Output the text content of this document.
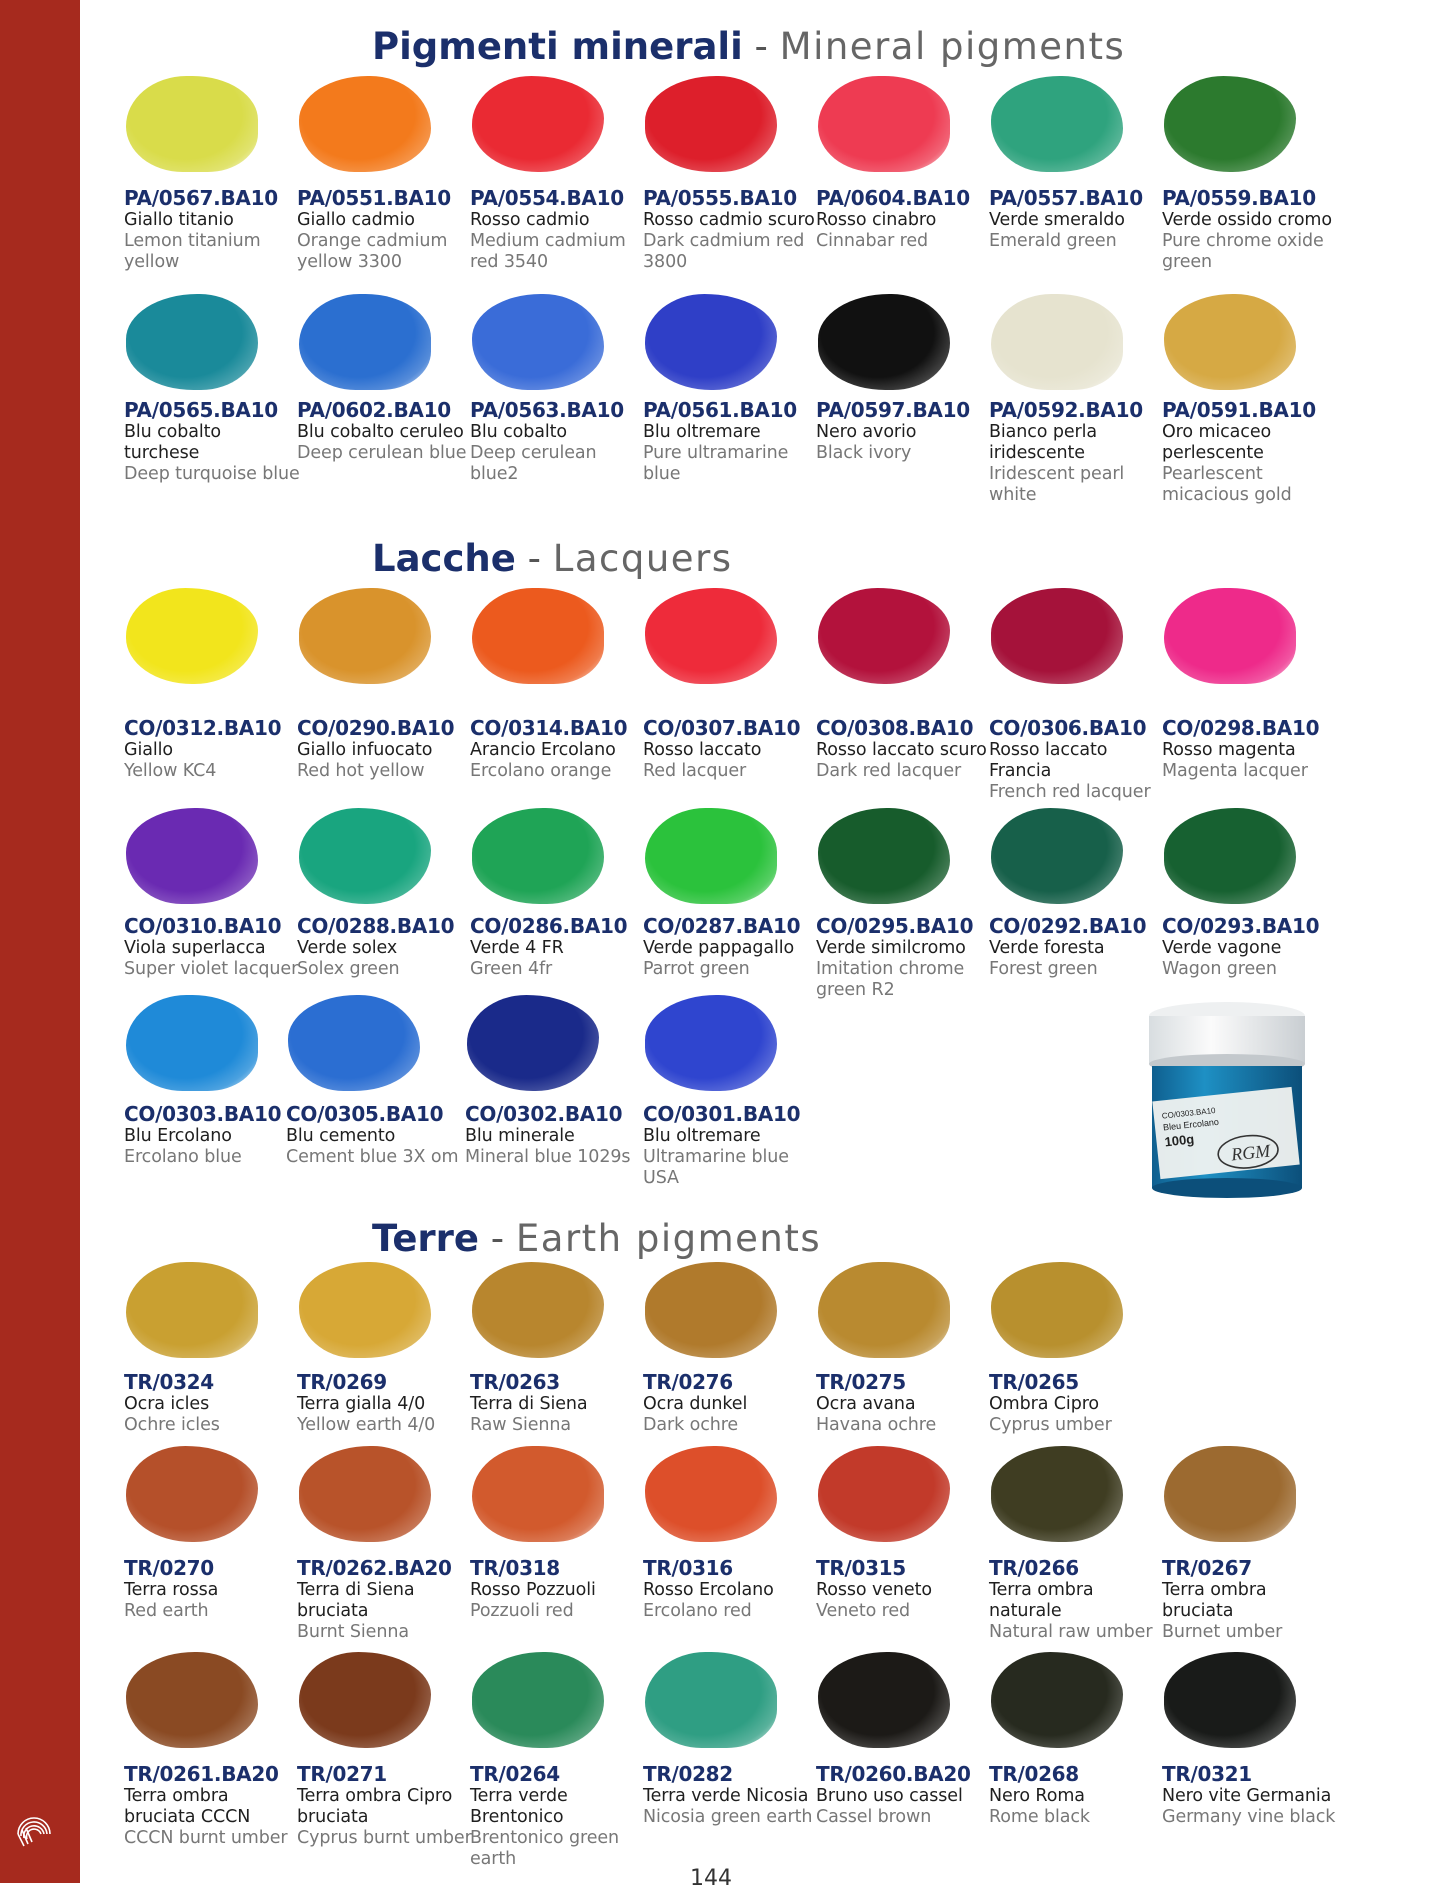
Pigmenti minerali - Mineral pigments
Lacche - Lacquers
Terre - Earth pigments
PA/0567.BA10
Giallo titanio
Lemon titanium yellow
PA/0551.BA10
Giallo cadmio
Orange cadmium yellow 3300
PA/0554.BA10
Rosso cadmio
Medium cadmium red 3540
PA/0555.BA10
Rosso cadmio scuro
Dark cadmium red 3800
PA/0604.BA10
Rosso cinabro
Cinnabar red
PA/0557.BA10
Verde smeraldo
Emerald green
PA/0559.BA10
Verde ossido cromo
Pure chrome oxide green
PA/0565.BA10
Blu cobalto turchese
Deep turquoise blue
PA/0602.BA10
Blu cobalto ceruleo
Deep cerulean blue
PA/0563.BA10
Blu cobalto
Deep cerulean blue2
PA/0561.BA10
Blu oltremare
Pure ultramarine blue
PA/0597.BA10
Nero avorio
Black ivory
PA/0592.BA10
Bianco perla iridescente
Iridescent pearl white
PA/0591.BA10
Oro micaceo perlescente
Pearlescent micacious gold
CO/0312.BA10
Giallo
Yellow KC4
CO/0290.BA10
Giallo infuocato
Red hot yellow
CO/0314.BA10
Arancio Ercolano
Ercolano orange
CO/0307.BA10
Rosso laccato
Red lacquer
CO/0308.BA10
Rosso laccato scuro
Dark red lacquer
CO/0306.BA10
Rosso laccato Francia
French red lacquer
CO/0298.BA10
Rosso magenta
Magenta lacquer
CO/0310.BA10
Viola superlacca
Super violet lacquer
CO/0288.BA10
Verde solex
Solex green
CO/0286.BA10
Verde 4 FR
Green 4fr
CO/0287.BA10
Verde pappagallo
Parrot green
CO/0295.BA10
Verde similcromo
Imitation chrome green R2
CO/0292.BA10
Verde foresta
Forest green
CO/0293.BA10
Verde vagone
Wagon green
CO/0303.BA10
Blu Ercolano
Ercolano blue
CO/0305.BA10
Blu cemento
Cement blue 3X om
CO/0302.BA10
Blu minerale
Mineral blue 1029s
CO/0301.BA10
Blu oltremare
Ultramarine blue USA
TR/0324
Ocra icles
Ochre icles
TR/0269
Terra gialla 4/0
Yellow earth 4/0
TR/0263
Terra di Siena
Raw Sienna
TR/0276
Ocra dunkel
Dark ochre
TR/0275
Ocra avana
Havana ochre
TR/0265
Ombra Cipro
Cyprus umber
TR/0270
Terra rossa
Red earth
TR/0262.BA20
Terra di Siena bruciata
Burnt Sienna
TR/0318
Rosso Pozzuoli
Pozzuoli red
TR/0316
Rosso Ercolano
Ercolano red
TR/0315
Rosso veneto
Veneto red
TR/0266
Terra ombra naturale
Natural raw umber
TR/0267
Terra ombra bruciata
Burnet umber
TR/0261.BA20
Terra ombra bruciata CCCN
CCCN burnt umber
TR/0271
Terra ombra Cipro bruciata
Cyprus burnt umber
TR/0264
Terra verde Brentonico
Brentonico green earth
TR/0282
Terra verde Nicosia
Nicosia green earth
TR/0260.BA20
Bruno uso cassel
Cassel brown
TR/0268
Nero Roma
Rome black
TR/0321
Nero vite Germania
Germany vine black
CO/0303.BA10
Bleu Ercolano
100g
RGM
144
